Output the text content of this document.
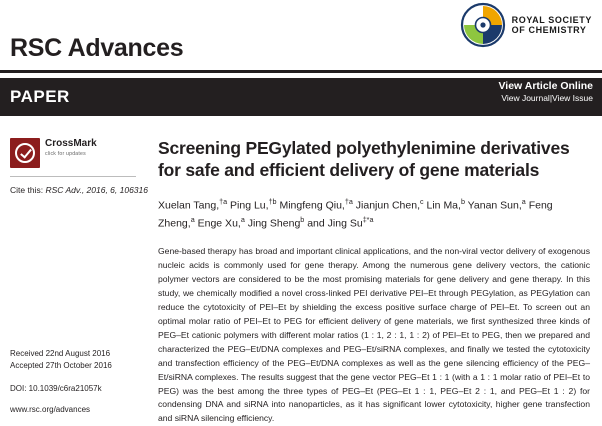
RSC Advances
ROYAL SOCIETY
OF CHEMISTRY
PAPER
View Article Online
View Journal|View Issue
CrossMark
click for updates
Cite this: RSC Adv., 2016, 6, 106316
Received 22nd August 2016
Accepted 27th October 2016
DOI: 10.1039/c6ra21057k
www.rsc.org/advances
Screening PEGylated polyethylenimine derivatives
for safe and efficient delivery of gene materials
Xuelan Tang,$^{\dagger a}$ Ping Lu,$^{\dagger b}$ Mingfeng Qiu,$^{\dagger a}$ Jianjun Chen,$^c$ Lin Ma,$^b$ Yanan Sun,$^a$ Feng Zheng,$^a$ Enge Xu,$^a$ Jing Sheng$^b$ and Jing Su$^{\ddagger*a}$
Gene-based therapy has broad and important clinical applications, and the non-viral vector delivery of exogenous nucleic acids is commonly used for gene therapy. Among the numerous gene delivery vectors, the cationic polymer vectors are considered to be the most promising materials for gene delivery and gene therapy. In this study, we chemically modified a novel cross-linked PEI derivative PEI–Et through PEGylation, as PEGylation can reduce the cytotoxicity of PEI–Et by shielding the excess positive surface charge of PEI–Et. To screen out an optimal molar ratio of PEI–Et to PEG for efficient delivery of gene materials, we first synthesized three kinds of PEG–Et cationic polymers with different molar ratios (1 : 1, 2 : 1, 1 : 2) of PEI–Et to PEG, then we prepared and characterized the PEG–Et/DNA complexes and PEG–Et/siRNA complexes, and finally we tested the cytotoxicity and transfection efficiency of the PEG–Et/DNA complexes as well as the gene silencing efficiency of the PEG–Et/siRNA complexes. The results suggest that the gene vector PEG–Et 1 : 1 (with a 1 : 1 molar ratio of PEI–Et to PEG) was the best among the three types of PEG–Et (PEG–Et 1 : 1, PEG–Et 2 : 1, and PEG–Et 1 : 2) for condensing DNA and siRNA into nanoparticles, as it has significant lower cytotoxicity, higher gene transfection and siRNA silencing efficiency.
